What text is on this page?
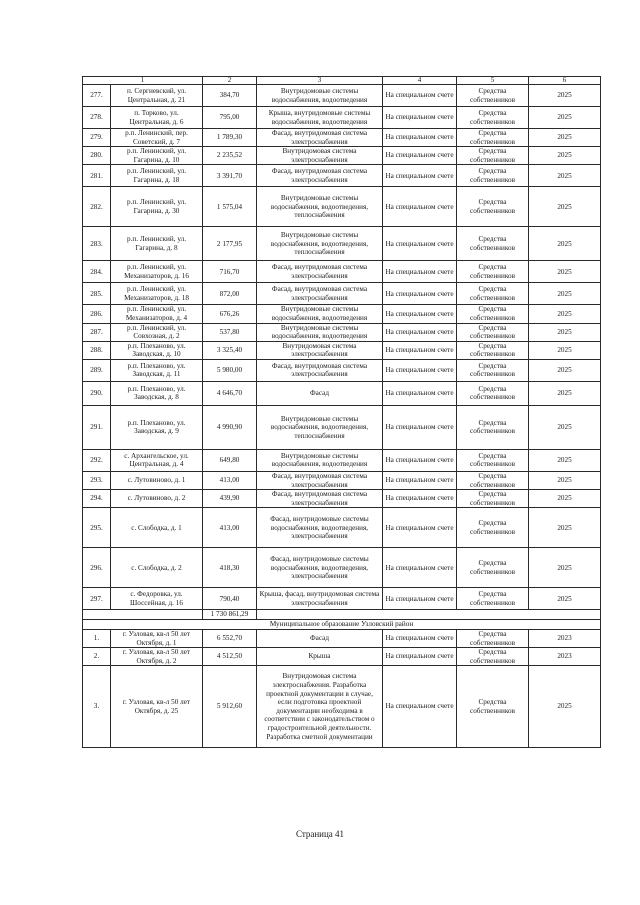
1		2	3	4	5	6
277.	п. Сергиевский, ул. Центральная, д. 21	384,70	Внутридомовые системы водоснабжения, водоотведения	На специальном счете	Средства собственников	2025
278.	п. Торково, ул. Центральная, д. 6	795,00	Крыша, внутридомовые системы водоснабжения, водоотведения	На специальном счете	Средства собственников	2025
279.	р.п. Ленинский, пер. Советский, д. 7	1 789,30	Фасад, внутридомовая система электроснабжения	На специальном счете	Средства собственников	2025
280.	р.п. Ленинский, ул. Гагарина, д. 10	2 235,52	Внутридомовая система электроснабжения	На специальном счете	Средства собственников	2025
281.	р.п. Ленинский, ул. Гагарина, д. 18	3 391,70	Фасад, внутридомовая система электроснабжения	На специальном счете	Средства собственников	2025
282.	р.п. Ленинский, ул. Гагарина, д. 30	1 575,04	Внутридомовые системы водоснабжения, водоотведения, теплоснабжения	На специальном счете	Средства собственников	2025
283.	р.п. Ленинский, ул. Гагарина, д. 8	2 177,95	Внутридомовые системы водоснабжения, водоотведения, теплоснабжения	На специальном счете	Средства собственников	2025
284.	р.п. Ленинский, ул. Механизаторов, д. 16	716,70	Фасад, внутридомовая система электроснабжения	На специальном счете	Средства собственников	2025
285.	р.п. Ленинский, ул. Механизаторов, д. 18	872,00	Фасад, внутридомовая система электроснабжения	На специальном счете	Средства собственников	2025
286.	р.п. Ленинский, ул. Механизаторов, д. 4	676,26	Внутридомовые системы водоснабжения, водоотведения	На специальном счете	Средства собственников	2025
287.	р.п. Ленинский, ул. Совхозная, д. 2	537,80	Внутридомовые системы водоснабжения, водоотведения	На специальном счете	Средства собственников	2025
288.	р.п. Плеханово, ул. Заводская, д. 10	3 325,40	Внутридомовая система электроснабжения	На специальном счете	Средства собственников	2025
289.	р.п. Плеханово, ул. Заводская, д. 11	5 980,00	Фасад, внутридомовая система электроснабжения	На специальном счете	Средства собственников	2025
290.	р.п. Плеханово, ул. Заводская, д. 8	4 646,70	Фасад	На специальном счете	Средства собственников	2025
291.	р.п. Плеханово, ул. Заводская, д. 9	4 990,90	Внутридомовые системы водоснабжения, водоотведения, теплоснабжения	На специальном счете	Средства собственников	2025
292.	с. Архангельское, ул. Центральная, д. 4	649,80	Внутридомовые системы водоснабжения, водоотведения	На специальном счете	Средства собственников	2025
293.	с. Лутовиново, д. 1	413,00	Фасад, внутридомовая система электроснабжения	На специальном счете	Средства собственников	2025
294.	с. Лутовиново, д. 2	439,90	Фасад, внутридомовая система электроснабжения	На специальном счете	Средства собственников	2025
295.	с. Слободка, д. 1	413,00	Фасад, внутридомовые системы водоснабжения, водоотведения, электроснабжения	На специальном счете	Средства собственников	2025
296.	с. Слободка, д. 2	418,30	Фасад, внутридомовые системы водоснабжения, водоотведения, электроснабжения	На специальном счете	Средства собственников	2025
297.	с. Федоровка, ул. Шоссейная, д. 16	790,40	Крыша, фасад, внутридомовая система электроснабжения	На специальном счете	Средства собственников	2025
		1 730 861,29				
Муниципальное образование Узловский район						
1.	г. Узловая, кв-л 50 лет Октября, д. 1	6 552,70	Фасад	На специальном счете	Средства собственников	2023
2.	г. Узловая, кв-л 50 лет Октября, д. 2	4 512,50	Крыша	На специальном счете	Средства собственников	2023
3.	г. Узловая, кв-л 50 лет Октября, д. 25	5 912,60	Внутридомовая система электроснабжения. Разработка проектной документации в случае, если подготовка проектной документации необходима в соответствии с законодательством о градостроительной деятельности. Разработка сметной документации	На специальном счете	Средства собственников	2025
Страница 41
